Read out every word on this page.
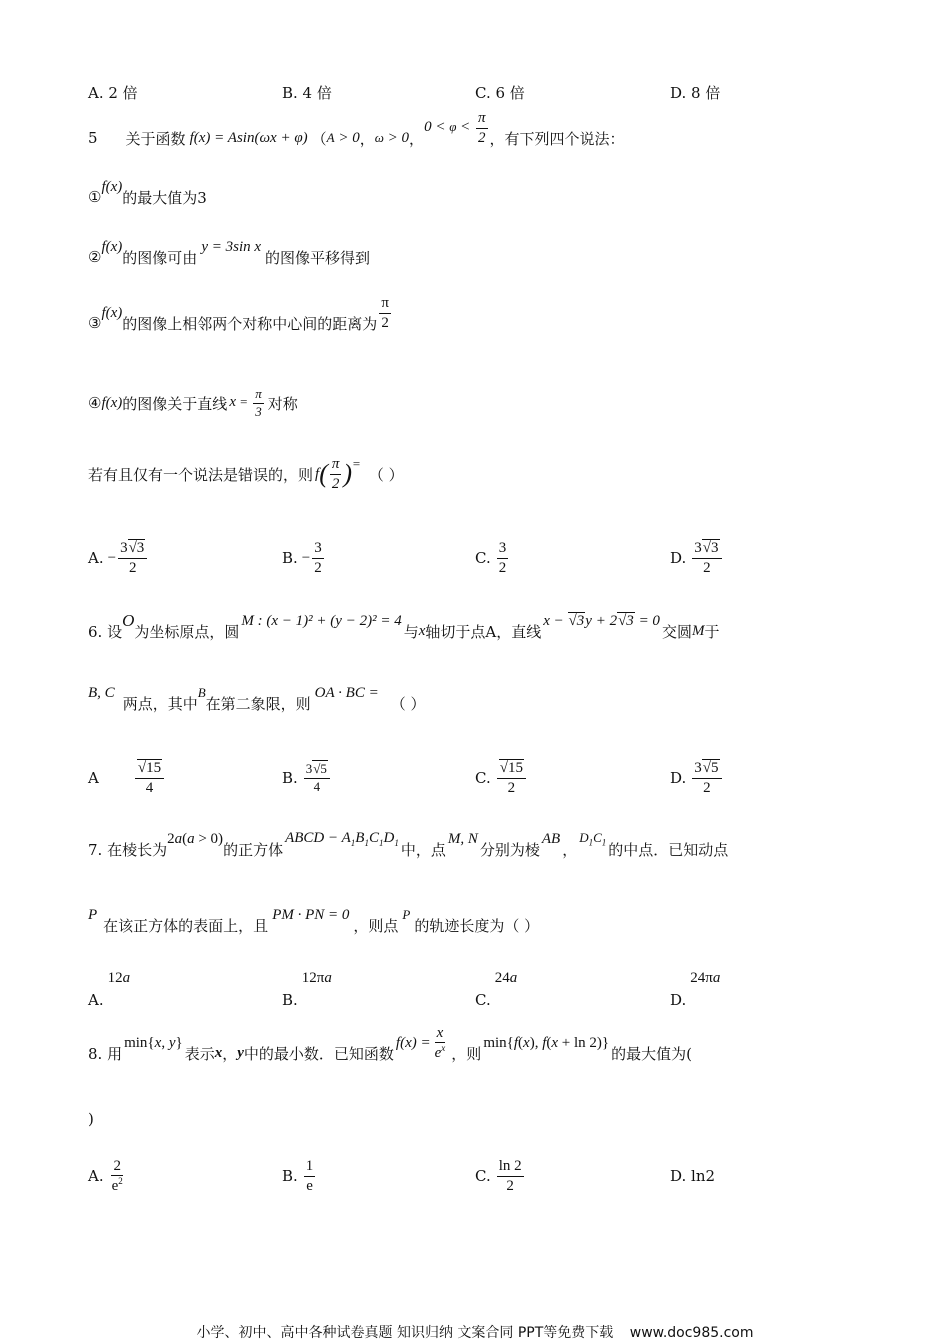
A. 2 倍	B. 4 倍	C. 6 倍	D. 8 倍
5 关于函数 f(x) = Asin(ωx + φ) （ A > 0 ， ω > 0 ，
$0 < \varphi < \frac{\pi}{2}$ ，有下列四个说法：
①
f(x)
的最大值为3
②
f(x)
的图像可由
y = 3sin x
的图像平移得到
③
f(x)
的图像上相邻两个对称中心间的距离为 $\frac{\pi}{2}$
④ f(x) 的图像关于直线 $x = \frac{\pi}{3}$ 对称
若有且仅有一个说法是错误的，则 f ( $\frac{\pi}{2}$ ) =
（ ）
A. − $\frac{3√3}{2}$	B. − $\frac{3}{2}$	C. $\frac{3}{2}$	D. $\frac{3√3}{2}$
6. 设
O
为坐标原点，圆
M : (x − 1)² + (y − 2)² = 4
与 x 轴切于点A，直线
x − √3y + 2√3 = 0
交圆 M 于
B, C
两点，其中
B
在第二象限，则
OA · BC =
（ ）
A $\frac{√15}{4}$	B. $\frac{3√5}{4}$	C. $\frac{√15}{2}$	D. $\frac{3√5}{2}$
7. 在棱长为
2a(a > 0)
的正方体
ABCD − $A_1B_1C_1D_1$ 中，点
M, N
分别为棱
AB
，
$D_1C_1$ 的中点．已知动点
P
在该正方体的表面上，且
PM · PN = 0
，则点
P
的轨迹长度为（ ）
A.
12a
B.
12πa
C.
24a
D.
24πa
8. 用
min{x, y}
表示 x ， y 中的最小数．已知函数
f ( x ) = $\frac{x}{e^x}$ ，则
min{f(x), f(x + ln 2)}
的最大值为(
)
A. $\frac{2}{e^2}$	B. $\frac{1}{e}$	C. $\frac{\ln 2}{2}$	D. ln2
小学、初中、高中各种试卷真题 知识归纳 文案合同 PPT等免费下载 www.doc985.com
